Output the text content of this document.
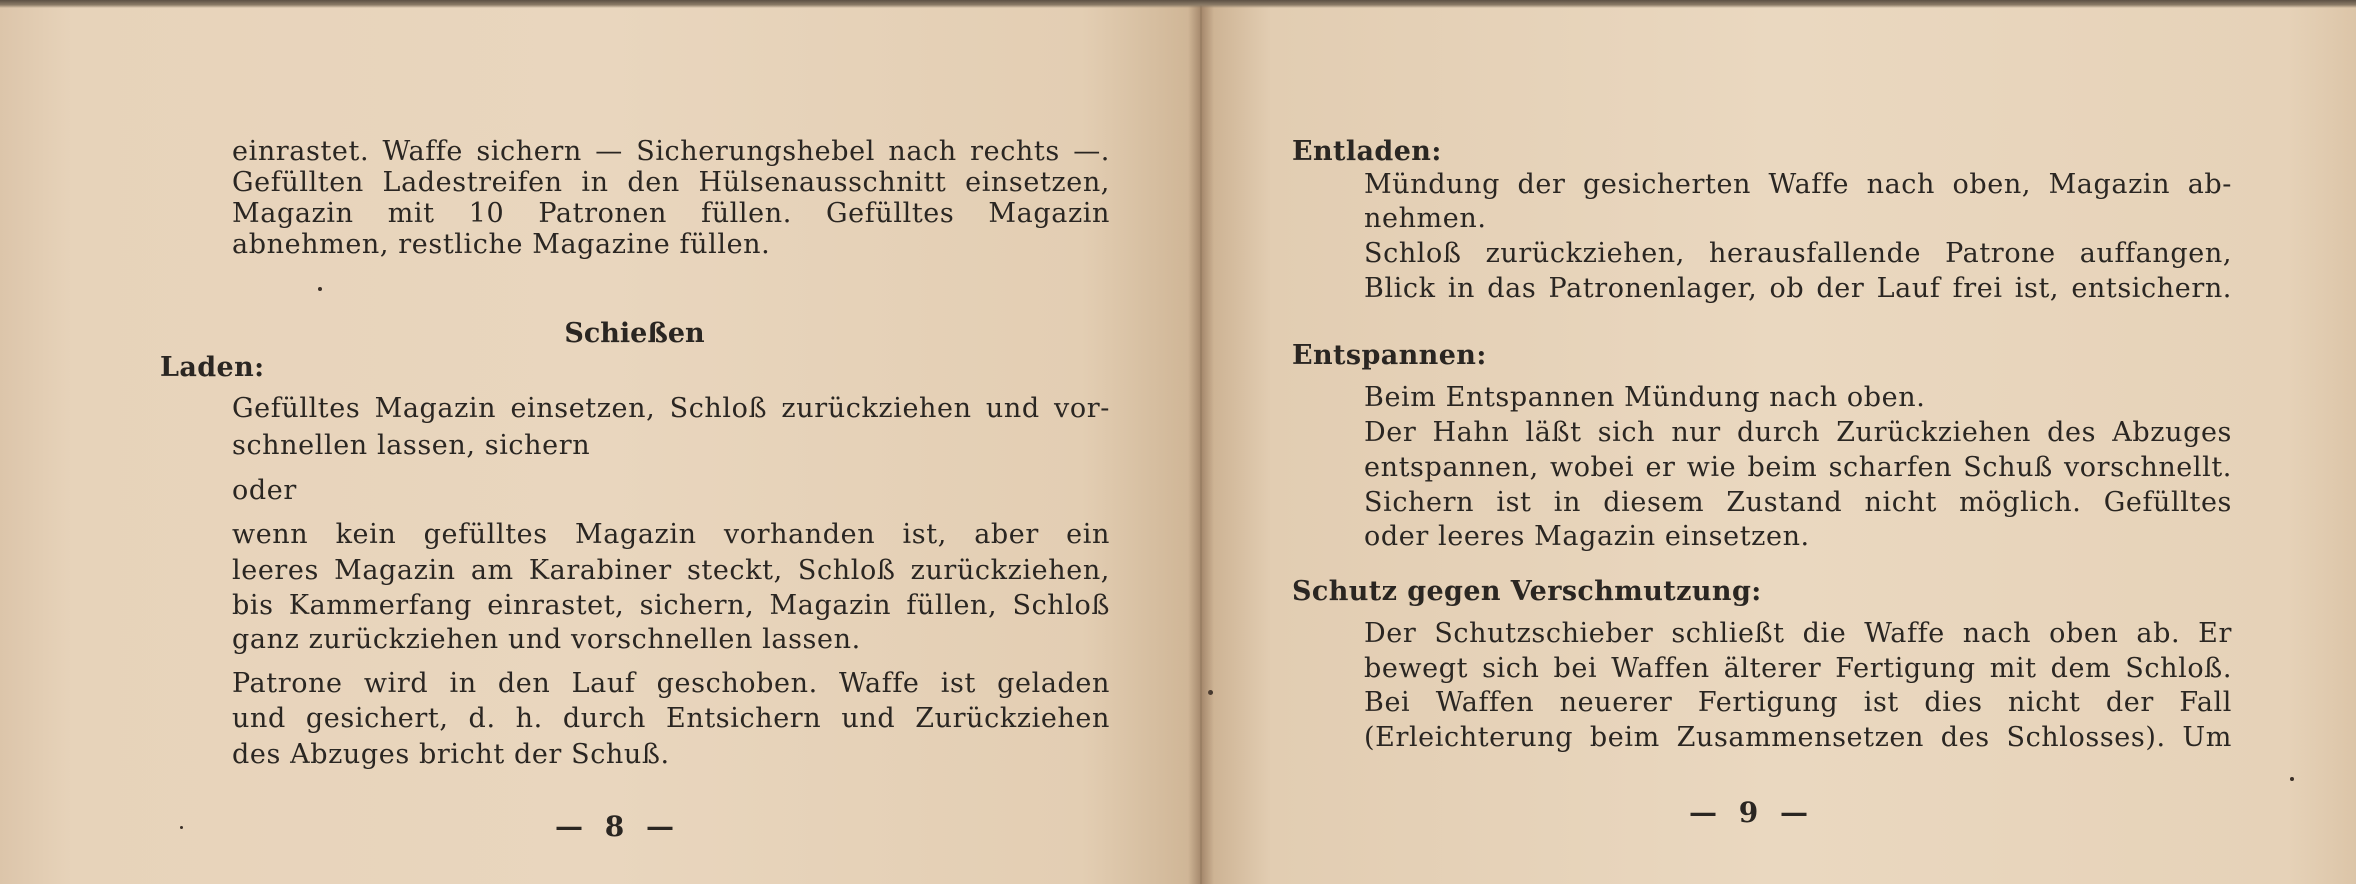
einrastet. Waffe sichern — Sicherungshebel nach rechts —.
Gefüllten Ladestreifen in den Hülsenausschnitt einsetzen,
Magazin mit 10 Patronen füllen. Gefülltes Magazin
abnehmen, restliche Magazine füllen.
Schießen
Laden:
Gefülltes Magazin einsetzen, Schloß zurückziehen und vor-
schnellen lassen, sichern
oder
wenn kein gefülltes Magazin vorhanden ist, aber ein
leeres Magazin am Karabiner steckt, Schloß zurückziehen,
bis Kammerfang einrastet, sichern, Magazin füllen, Schloß
ganz zurückziehen und vorschnellen lassen.
Patrone wird in den Lauf geschoben. Waffe ist geladen
und gesichert, d. h. durch Entsichern und Zurückziehen
des Abzuges bricht der Schuß.
— 8 —
Entladen:
Mündung der gesicherten Waffe nach oben, Magazin ab-
nehmen.
Schloß zurückziehen, herausfallende Patrone auffangen,
Blick in das Patronenlager, ob der Lauf frei ist, entsichern.
Entspannen:
Beim Entspannen Mündung nach oben.
Der Hahn läßt sich nur durch Zurückziehen des Abzuges
entspannen, wobei er wie beim scharfen Schuß vorschnellt.
Sichern ist in diesem Zustand nicht möglich. Gefülltes
oder leeres Magazin einsetzen.
Schutz gegen Verschmutzung:
Der Schutzschieber schließt die Waffe nach oben ab. Er
bewegt sich bei Waffen älterer Fertigung mit dem Schloß.
Bei Waffen neuerer Fertigung ist dies nicht der Fall
(Erleichterung beim Zusammensetzen des Schlosses). Um
— 9 —
